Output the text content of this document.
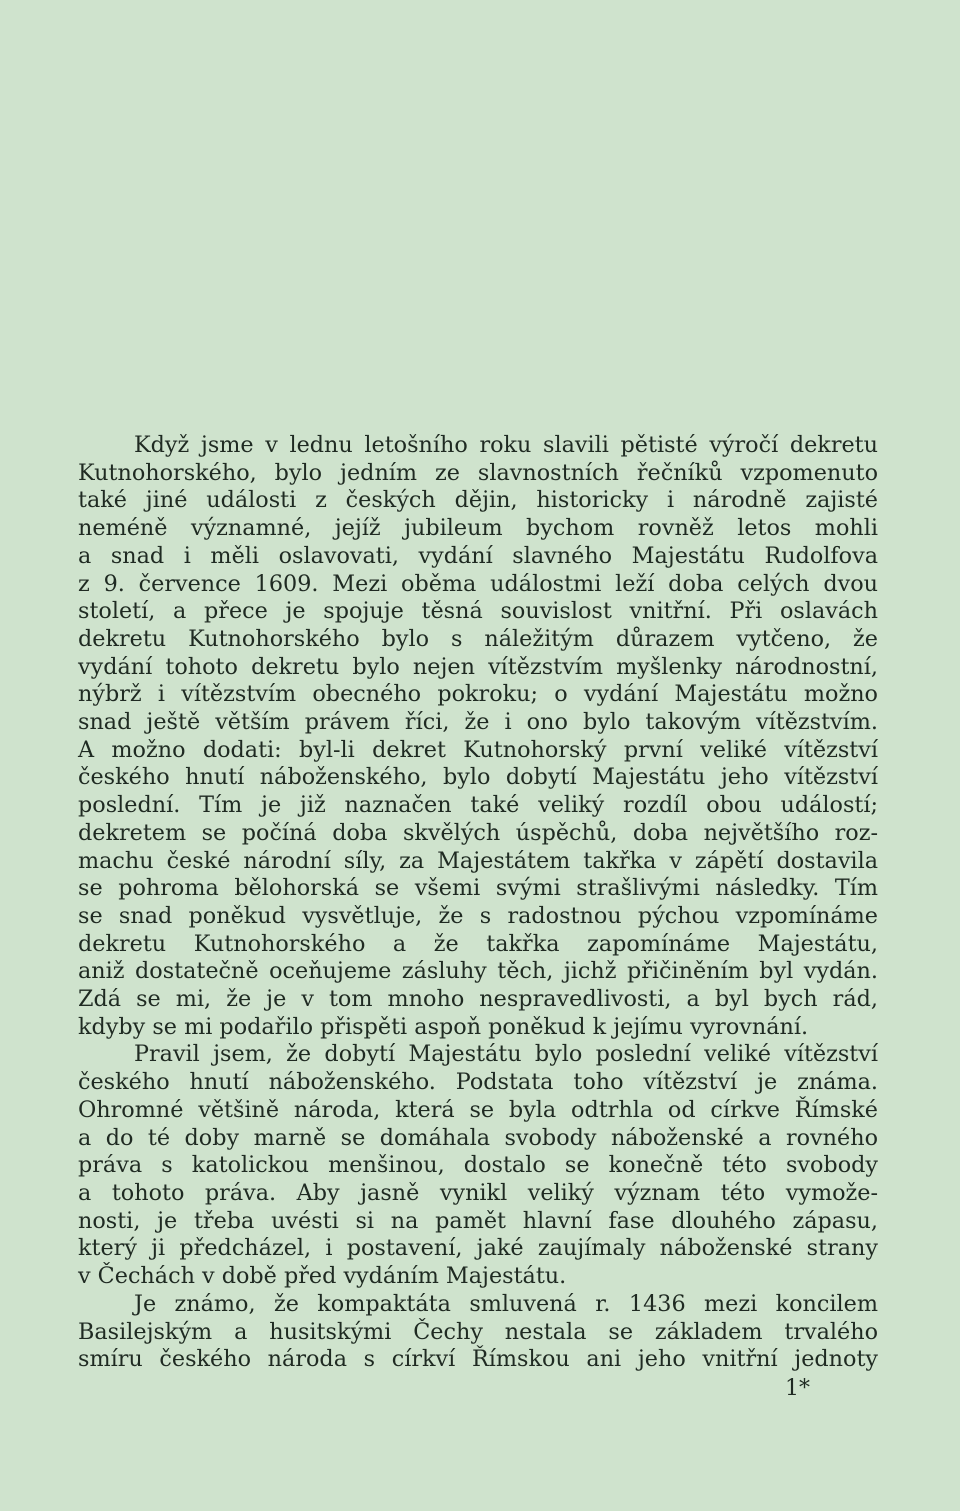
Když jsme v lednu letošního roku slavili pětisté výročí dekretu
Kutnohorského, bylo jedním ze slavnostních řečníků vzpomenuto
také jiné události z českých dějin, historicky i národně zajisté
neméně významné, jejíž jubileum bychom rovněž letos mohli
a snad i měli oslavovati, vydání slavného Majestátu Rudolfova
z 9. července 1609. Mezi oběma událostmi leží doba celých dvou
století, a přece je spojuje těsná souvislost vnitřní. Při oslavách
dekretu Kutnohorského bylo s náležitým důrazem vytčeno, že
vydání tohoto dekretu bylo nejen vítězstvím myšlenky národnostní,
nýbrž i vítězstvím obecného pokroku; o vydání Majestátu možno
snad ještě větším právem říci, že i ono bylo takovým vítězstvím.
A možno dodati: byl-li dekret Kutnohorský první veliké vítězství
českého hnutí náboženského, bylo dobytí Majestátu jeho vítězství
poslední. Tím je již naznačen také veliký rozdíl obou událostí;
dekretem se počíná doba skvělých úspěchů, doba největšího roz-
machu české národní síly, za Majestátem takřka v zápětí dostavila
se pohroma bělohorská se všemi svými strašlivými následky. Tím
se snad poněkud vysvětluje, že s radostnou pýchou vzpomínáme
dekretu Kutnohorského a že takřka zapomínáme Majestátu,
aniž dostatečně oceňujeme zásluhy těch, jichž přičiněním byl vydán.
Zdá se mi, že je v tom mnoho nespravedlivosti, a byl bych rád,
kdyby se mi podařilo přispěti aspoň poněkud k jejímu vyrovnání.
Pravil jsem, že dobytí Majestátu bylo poslední veliké vítězství
českého hnutí náboženského. Podstata toho vítězství je známa.
Ohromné většině národa, která se byla odtrhla od církve Římské
a do té doby marně se domáhala svobody náboženské a rovného
práva s katolickou menšinou, dostalo se konečně této svobody
a tohoto práva. Aby jasně vynikl veliký význam této vymože-
nosti, je třeba uvésti si na pamět hlavní fase dlouhého zápasu,
který ji předcházel, i postavení, jaké zaujímaly náboženské strany
v Čechách v době před vydáním Majestátu.
Je známo, že kompaktáta smluvená r. 1436 mezi koncilem
Basilejským a husitskými Čechy nestala se základem trvalého
smíru českého národa s církví Římskou ani jeho vnitřní jednoty
1*
